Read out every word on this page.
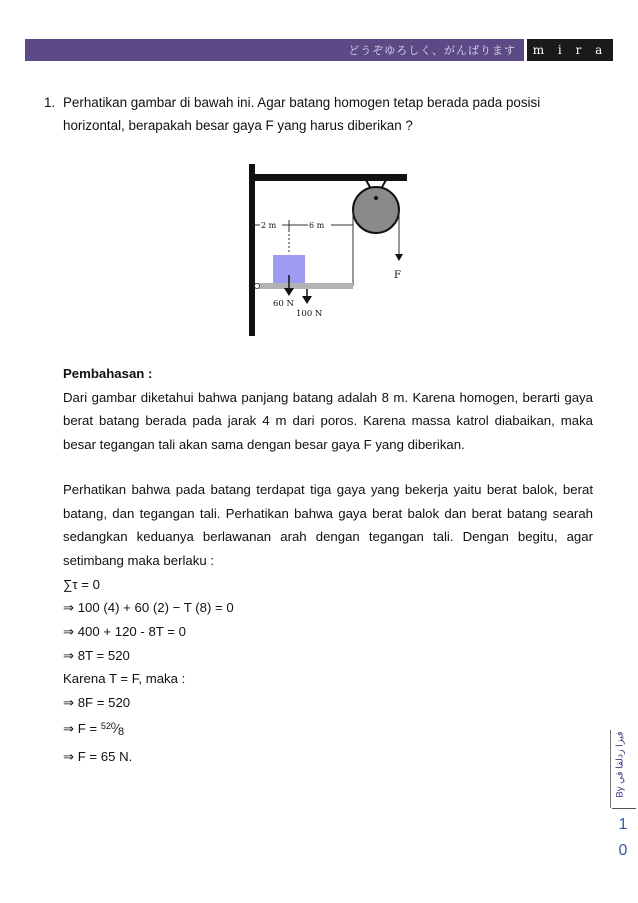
どうぞゆろしく、がんばります	m i r a i
1. Perhatikan gambar di bawah ini. Agar batang homogen tetap berada pada posisi horizontal, berapakah besar gaya F yang harus diberikan ?
F
2 m	6 m
60 N
100 N

Pembahasan :

Dari gambar diketahui bahwa panjang batang adalah 8 m. Karena homogen, berarti gaya berat batang berada pada jarak 4 m dari poros. Karena massa katrol diabaikan, maka besar tegangan tali akan sama dengan besar gaya F yang diberikan.

Perhatikan bahwa pada batang terdapat tiga gaya yang bekerja yaitu berat balok, berat batang, dan tegangan tali. Perhatikan bahwa gaya berat balok dan berat batang searah sedangkan keduanya berlawanan arah dengan tegangan tali. Dengan begitu, agar setimbang maka berlaku :

∑τ = 0

⇒ 100 (4) + 60 (2) − T (8) = 0

⇒ 400 + 120 - 8T = 0

⇒ 8T = 520

Karena T = F, maka :

⇒ 8F = 520

⇒ $F = ^{520}⁄_8$

⇒ F = 65 N.

By فيزا زدلقا قي
1
0
